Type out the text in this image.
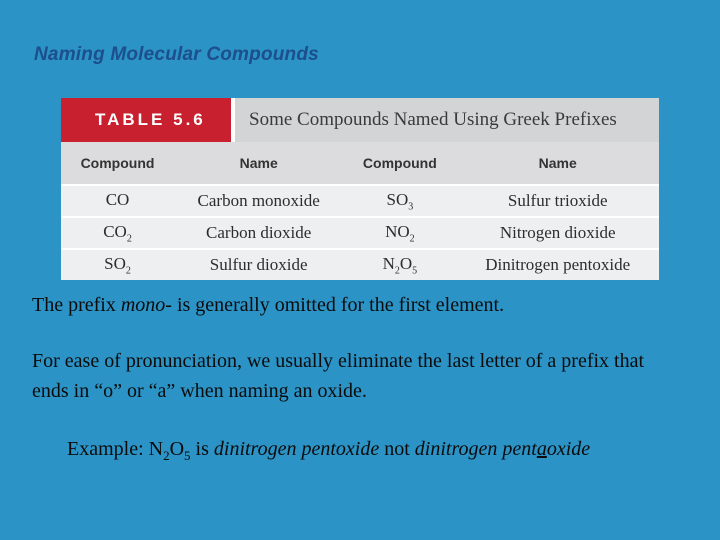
Naming Molecular Compounds
TABLE 5.6	Some Compounds Named Using Greek Prefixes
Compound	Name	Compound	Name
CO	Carbon monoxide	$SO_3$	Sulfur trioxide
$CO_2$	Carbon dioxide	$NO_2$	Nitrogen dioxide
$SO_2$	Sulfur dioxide	$N_2O_5$	Dinitrogen pentoxide
The prefix mono- is generally omitted for the first element.
For ease of pronunciation, we usually eliminate the last letter of a prefix that ends in “o” or “a” when naming an oxide.
Example: $N_2O_5$ is dinitrogen pentoxide not dinitrogen pentaoxide
